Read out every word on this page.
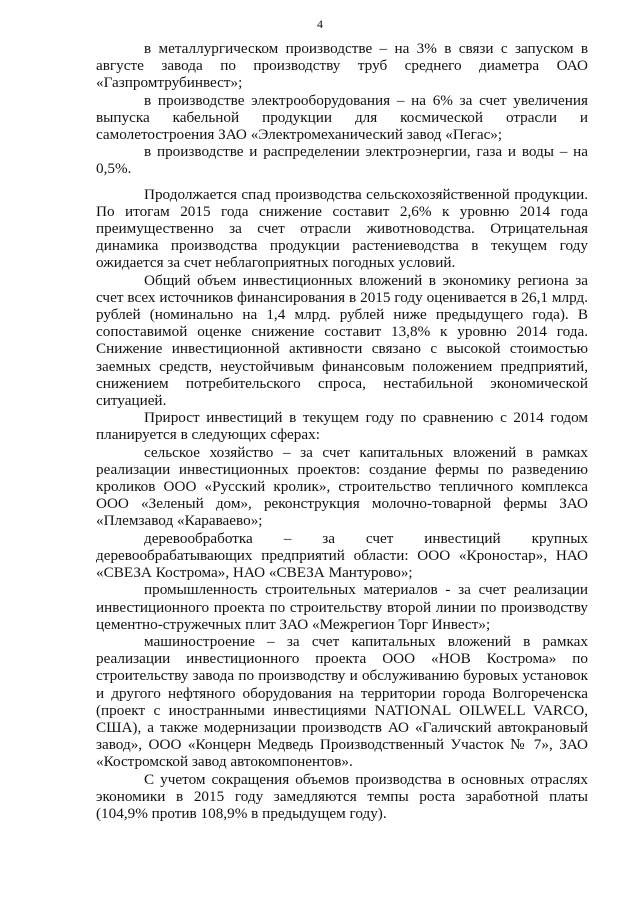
4

в металлургическом производстве – на 3% в связи с запуском в августе завода по производству труб среднего диаметра ОАО «Газпромтрубинвест»;

в производстве электрооборудования – на 6% за счет увеличения выпуска кабельной продукции для космической отрасли и самолетостроения ЗАО «Электромеханический завод «Пегас»;

в производстве и распределении электроэнергии, газа и воды – на 0,5%.

Продолжается спад производства сельскохозяйственной продукции. По итогам 2015 года снижение составит 2,6% к уровню 2014 года преимущественно за счет отрасли животноводства. Отрицательная динамика производства продукции растениеводства в текущем году ожидается за счет неблагоприятных погодных условий.

Общий объем инвестиционных вложений в экономику региона за счет всех источников финансирования в 2015 году оценивается в 26,1 млрд. рублей (номинально на 1,4 млрд. рублей ниже предыдущего года). В сопоставимой оценке снижение составит 13,8% к уровню 2014 года. Снижение инвестиционной активности связано с высокой стоимостью заемных средств, неустойчивым финансовым положением предприятий, снижением потребительского спроса, нестабильной экономической ситуацией.

Прирост инвестиций в текущем году по сравнению с 2014 годом планируется в следующих сферах:

сельское хозяйство – за счет капитальных вложений в рамках реализации инвестиционных проектов: создание фермы по разведению кроликов ООО «Русский кролик», строительство тепличного комплекса ООО «Зеленый дом», реконструкция молочно-товарной фермы ЗАО «Племзавод «Караваево»;

деревообработка – за счет инвестиций крупных деревообрабатывающих предприятий области: ООО «Кроностар», НАО «СВЕЗА Кострома», НАО «СВЕЗА Мантурово»;

промышленность строительных материалов - за счет реализации инвестиционного проекта по строительству второй линии по производству цементно-стружечных плит ЗАО «Межрегион Торг Инвест»;

машиностроение – за счет капитальных вложений в рамках реализации инвестиционного проекта ООО «НОВ Кострома» по строительству завода по производству и обслуживанию буровых установок и другого нефтяного оборудования на территории города Волгореченска (проект с иностранными инвестициями NATIONAL OILWELL VARCO, США), а также модернизации производств АО «Галичский автокрановый завод», ООО «Концерн Медведь Производственный Участок № 7», ЗАО «Костромской завод автокомпонентов».

С учетом сокращения объемов производства в основных отраслях экономики в 2015 году замедляются темпы роста заработной платы (104,9% против 108,9% в предыдущем году).
